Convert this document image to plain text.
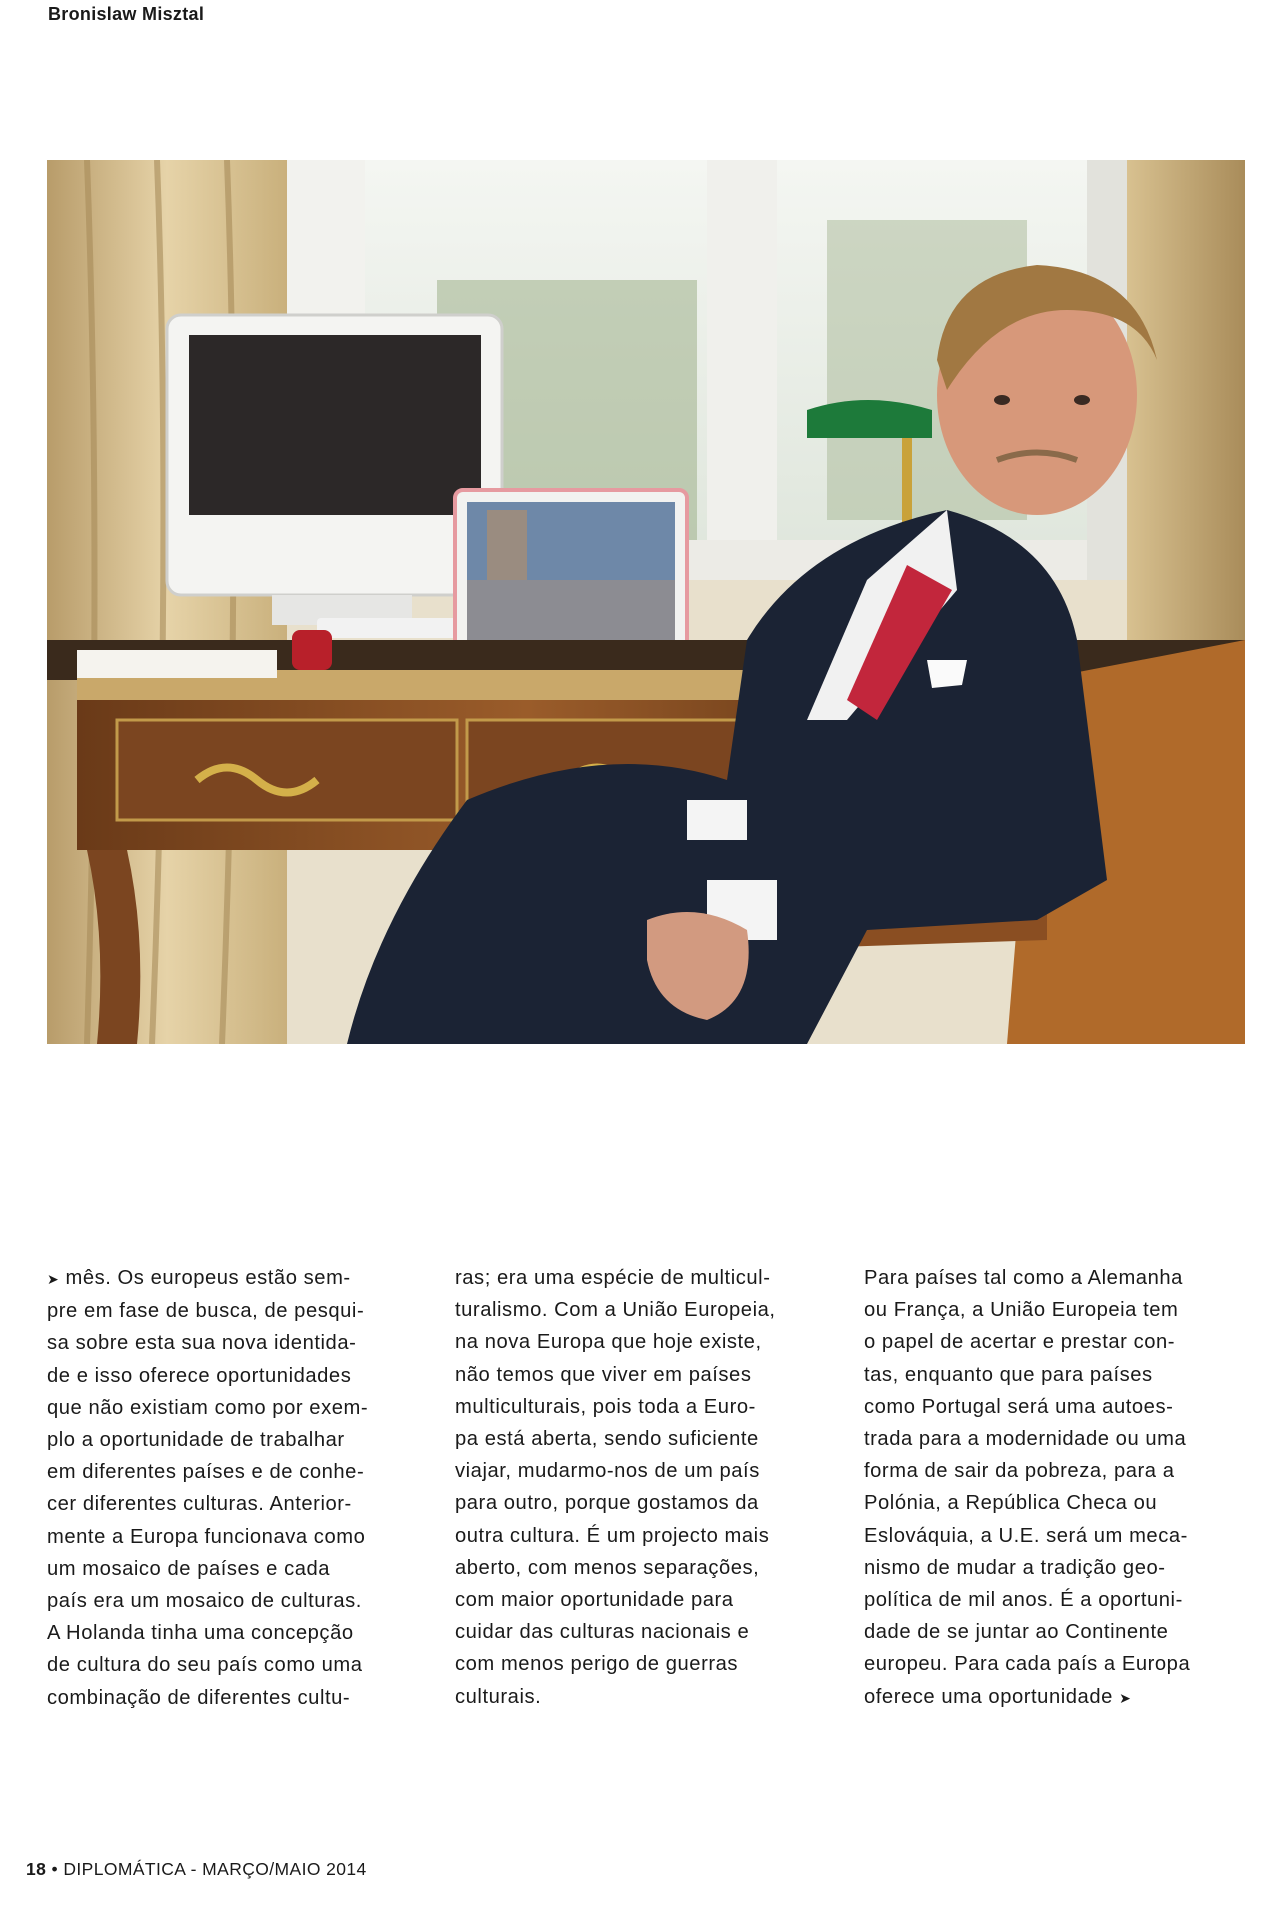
Bronislaw Misztal

➤ mês. Os europeus estão sem-

pre em fase de busca, de pesqui-

sa sobre esta sua nova identida-

de e isso oferece oportunidades

que não existiam como por exem-

plo a oportunidade de trabalhar

em diferentes países e de conhe-

cer diferentes culturas. Anterior-

mente a Europa funcionava como

um mosaico de países e cada

país era um mosaico de culturas.

A Holanda tinha uma concepção

de cultura do seu país como uma

combinação de diferentes cultu-

ras; era uma espécie de multicul-

turalismo. Com a União Europeia,

na nova Europa que hoje existe,

não temos que viver em países

multiculturais, pois toda a Euro-

pa está aberta, sendo suficiente

viajar, mudarmo-nos de um país

para outro, porque gostamos da

outra cultura. É um projecto mais

aberto, com menos separações,

com maior oportunidade para

cuidar das culturas nacionais e

com menos perigo de guerras

culturais.

Para países tal como a Alemanha

ou França, a União Europeia tem

o papel de acertar e prestar con-

tas, enquanto que para países

como Portugal será uma autoes-

trada para a modernidade ou uma

forma de sair da pobreza, para a

Polónia, a República Checa ou

Eslováquia, a U.E. será um meca-

nismo de mudar a tradição geo-

política de mil anos. É a oportuni-

dade de se juntar ao Continente

europeu. Para cada país a Europa

oferece uma oportunidade ➤

18 • DIPLOMÁTICA - MARÇO/MAIO 2014
